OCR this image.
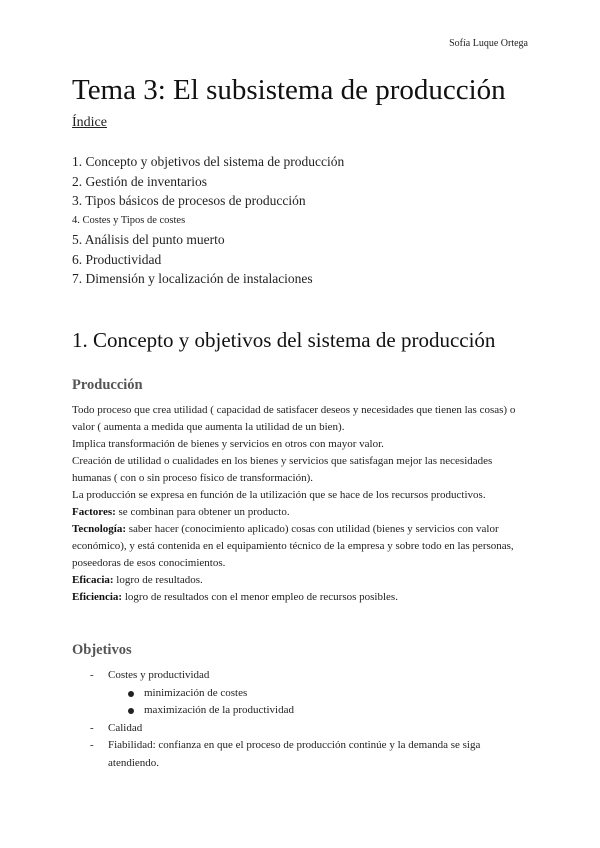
Sofía Luque Ortega
Tema 3: El subsistema de producción
Índice
1. Concepto y objetivos del sistema de producción
2. Gestión de inventarios
3. Tipos básicos de procesos de producción
4. Costes y Tipos de costes
5. Análisis del punto muerto
6. Productividad
7. Dimensión y localización de instalaciones
1. Concepto y objetivos del sistema de producción
Producción

Todo proceso que crea utilidad ( capacidad de satisfacer deseos y necesidades que tienen las cosas) o valor ( aumenta a medida que aumenta la utilidad de un bien).

Implica transformación de bienes y servicios en otros con mayor valor.

Creación de utilidad o cualidades en los bienes y servicios que satisfagan mejor las necesidades humanas ( con o sin proceso físico de transformación).

La producción se expresa en función de la utilización que se hace de los recursos productivos.

Factores: se combinan para obtener un producto.

Tecnología: saber hacer (conocimiento aplicado) cosas con utilidad (bienes y servicios con valor económico), y está contenida en el equipamiento técnico de la empresa y sobre todo en las personas, poseedoras de esos conocimientos.

Eficacia: logro de resultados.

Eficiencia: logro de resultados con el menor empleo de recursos posibles.

Objetivos
- Costes y productividad
minimización de costes
maximización de la productividad
- Calidad
- Fiabilidad: confianza en que el proceso de producción continúe y la demanda se siga atendiendo.
